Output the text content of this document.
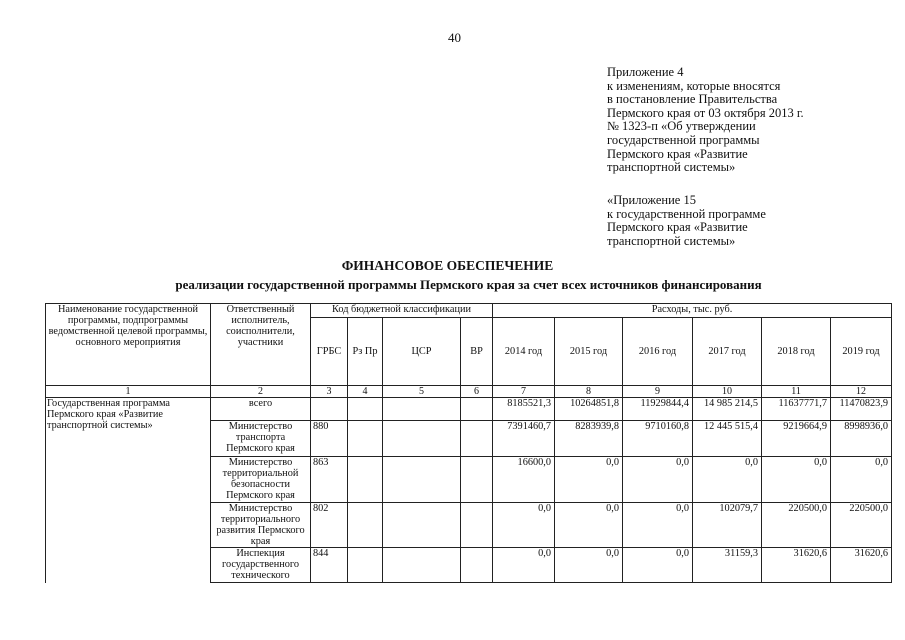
40
Приложение 4
к изменениям, которые вносятся
в постановление Правительства
Пермского края от 03 октября 2013 г.
№ 1323-п «Об утверждении
государственной программы
Пермского края «Развитие
транспортной системы»
«Приложение 15
к государственной программе
Пермского края «Развитие
транспортной системы»
ФИНАНСОВОЕ ОБЕСПЕЧЕНИЕ
реализации государственной программы Пермского края за счет всех источников финансирования
Наименование государственной программы, подпрограммы ведомственной целевой программы, основного мероприятия	Ответственный исполнитель, соисполнители, участники	Код бюджетной классификации				Расходы, тыс. руб.					
		ГРБС	Рз Пр	ЦСР	ВР	2014 год	2015 год	2016 год	2017 год	2018 год	2019 год
1	2	3	4	5	6	7	8	9	10	11	12
Государственная программа Пермского края «Развитие транспортной системы»	всего					8185521,3	10264851,8	11929844,4	14 985 214,5	11637771,7	11470823,9
	Министерство транспорта Пермского края	880				7391460,7	8283939,8	9710160,8	12 445 515,4	9219664,9	8998936,0
	Министерство территориальной безопасности Пермского края	863				16600,0	0,0	0,0	0,0	0,0	0,0
	Министерство территориального развития Пермского края	802				0,0	0,0	0,0	102079,7	220500,0	220500,0
	Инспекция государственного технического	844				0,0	0,0	0,0	31159,3	31620,6	31620,6
